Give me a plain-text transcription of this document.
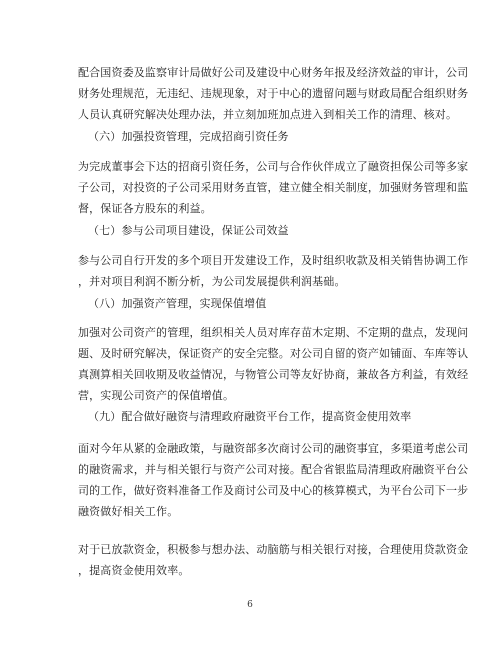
配合国资委及监察审计局做好公司及建设中心财务年报及经济效益的审计，公司
财务处理规范，无违纪、违规现象，对于中心的遗留问题与财政局配合组织财务
人员认真研究解决处理办法，并立刻加班加点进入到相关工作的清理、核对。
（六）加强投资管理，完成招商引资任务
为完成董事会下达的招商引资任务，公司与合作伙伴成立了融资担保公司等多家
子公司，对投资的子公司采用财务直管，建立健全相关制度，加强财务管理和监
督，保证各方股东的利益。
（七）参与公司项目建设，保证公司效益
参与公司自行开发的多个项目开发建设工作，及时组织收款及相关销售协调工作
，并对项目利润不断分析，为公司发展提供利润基础。
（八）加强资产管理，实现保值增值
加强对公司资产的管理，组织相关人员对库存苗木定期、不定期的盘点，发现问
题、及时研究解决，保证资产的安全完整。对公司自留的资产如铺面、车库等认
真测算相关回收期及收益情况，与物管公司等友好协商，兼故各方利益，有效经
营，实现公司资产的保值增值。
（九）配合做好融资与清理政府融资平台工作，提高资金使用效率
面对今年从紧的金融政策，与融资部多次商讨公司的融资事宜，多渠道考虑公司
的融资需求，并与相关银行与资产公司对接。配合省银监局清理政府融资平台公
司的工作，做好资料准备工作及商讨公司及中心的核算模式，为平台公司下一步
融资做好相关工作。
对于已放款资金，积极参与想办法、动脑筋与相关银行对接，合理使用贷款资金
，提高资金使用效率。
6
